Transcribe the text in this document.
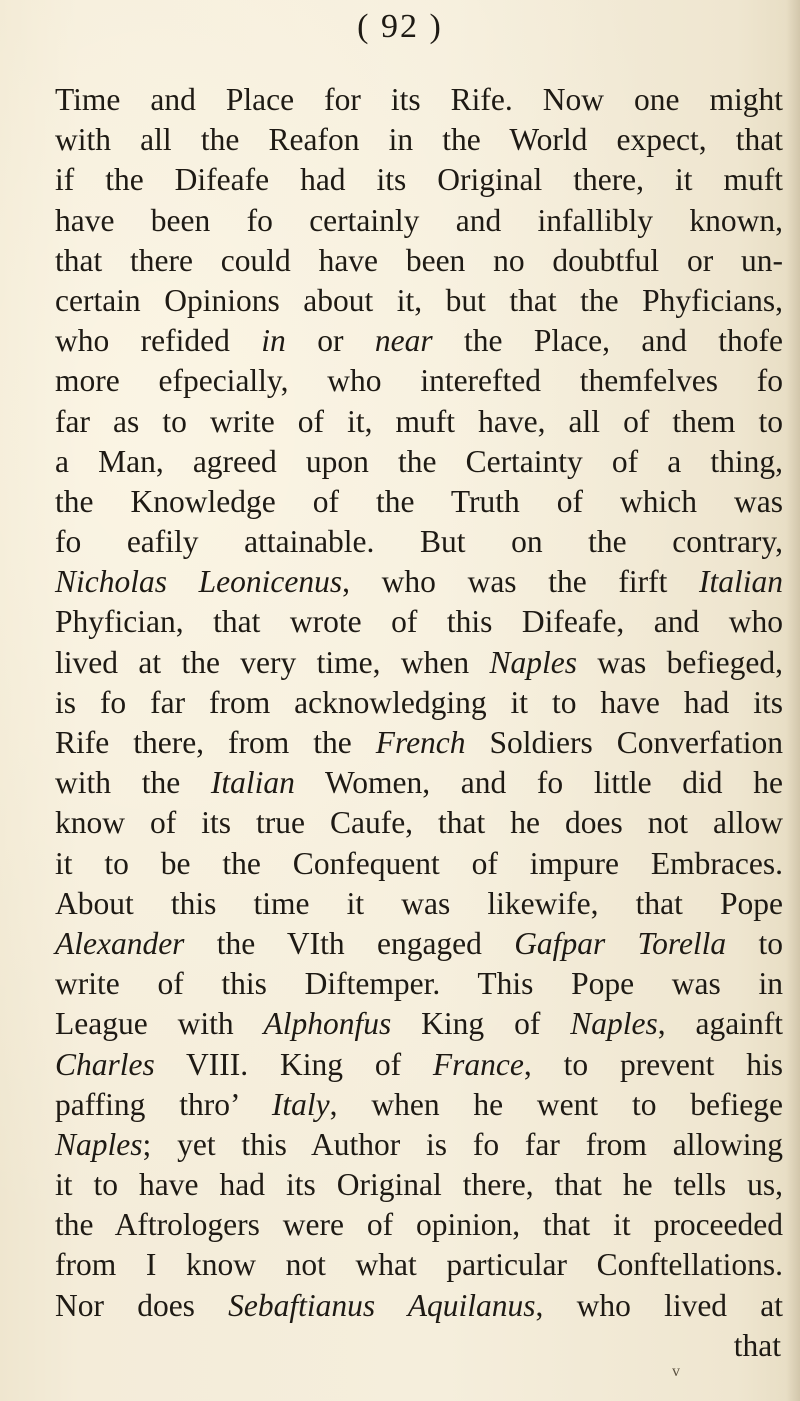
( 92 )
Time and Place for its Rife. Now one might
with all the Reafon in the World expect, that
if the Difeafe had its Original there, it muft
have been fo certainly and infallibly known,
that there could have been no doubtful or un-
certain Opinions about it, but that the Phyficians,
who refided in or near the Place, and thofe
more efpecially, who interefted themfelves fo
far as to write of it, muft have, all of them to
a Man, agreed upon the Certainty of a thing,
the Knowledge of the Truth of which was
fo eafily attainable. But on the contrary,
Nicholas Leonicenus, who was the firft Italian
Phyfician, that wrote of this Difeafe, and who
lived at the very time, when Naples was befieged,
is fo far from acknowledging it to have had its
Rife there, from the French Soldiers Converfation
with the Italian Women, and fo little did he
know of its true Caufe, that he does not allow
it to be the Confequent of impure Embraces.
About this time it was likewife, that Pope
Alexander the VIth engaged Gafpar Torella to
write of this Diftemper. This Pope was in
League with Alphonfus King of Naples, againft
Charles VIII. King of France, to prevent his
paffing thro’ Italy, when he went to befiege
Naples; yet this Author is fo far from allowing
it to have had its Original there, that he tells us,
the Aftrologers were of opinion, that it proceeded
from I know not what particular Conftellations.
Nor does Sebaftianus Aquilanus, who lived at
that
v
